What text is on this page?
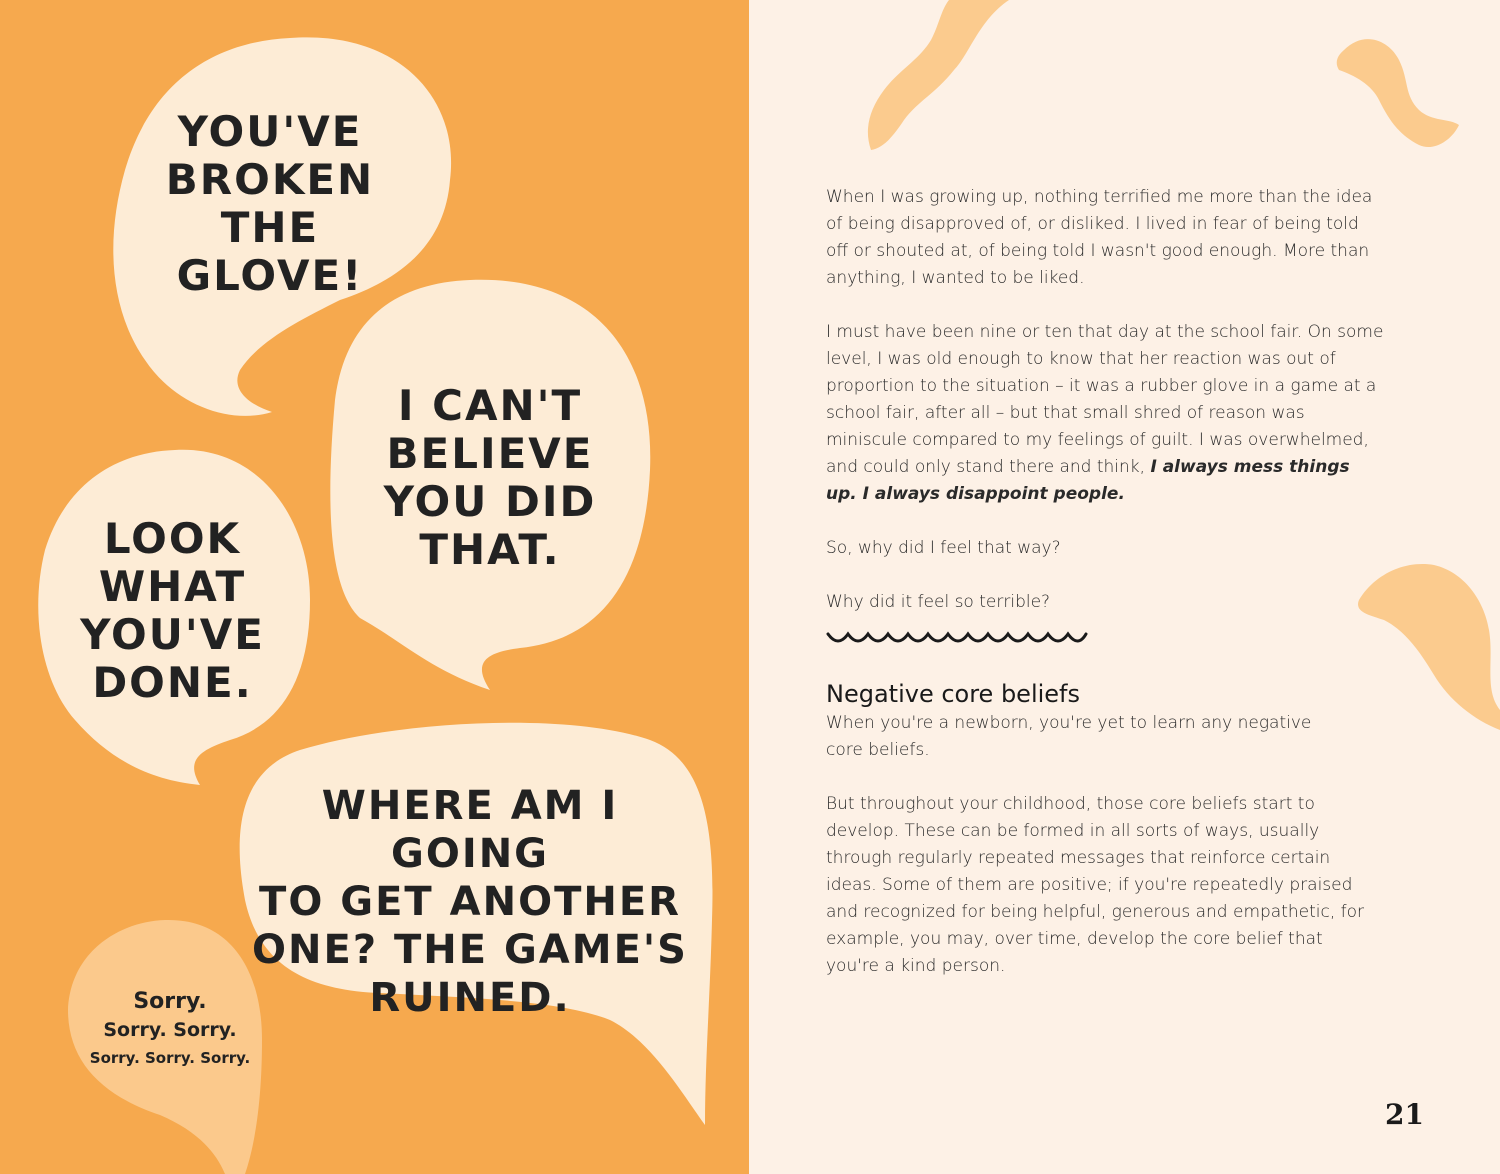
YOU'VE
BROKEN
THE GLOVE!
I CAN'T
BELIEVE
YOU DID
THAT.
LOOK
WHAT
YOU'VE
DONE.
WHERE AM I GOING
TO GET ANOTHER
ONE? THE GAME'S
RUINED.
Sorry.
Sorry. Sorry.
Sorry. Sorry. Sorry.

When I was growing up, nothing terrified me more than the idea of being disapproved of, or disliked. I lived in fear of being told off or shouted at, of being told I wasn't good enough. More than anything, I wanted to be liked.

I must have been nine or ten that day at the school fair. On some level, I was old enough to know that her reaction was out of proportion to the situation – it was a rubber glove in a game at a school fair, after all – but that small shred of reason was miniscule compared to my feelings of guilt. I was overwhelmed, and could only stand there and think, I always mess things up. I always disappoint people.

So, why did I feel that way?

Why did it feel so terrible?

Negative core beliefs

When you're a newborn, you're yet to learn any negative core beliefs.

But throughout your childhood, those core beliefs start to develop. These can be formed in all sorts of ways, usually through regularly repeated messages that reinforce certain ideas. Some of them are positive; if you're repeatedly praised and recognized for being helpful, generous and empathetic, for example, you may, over time, develop the core belief that you're a kind person.

21
